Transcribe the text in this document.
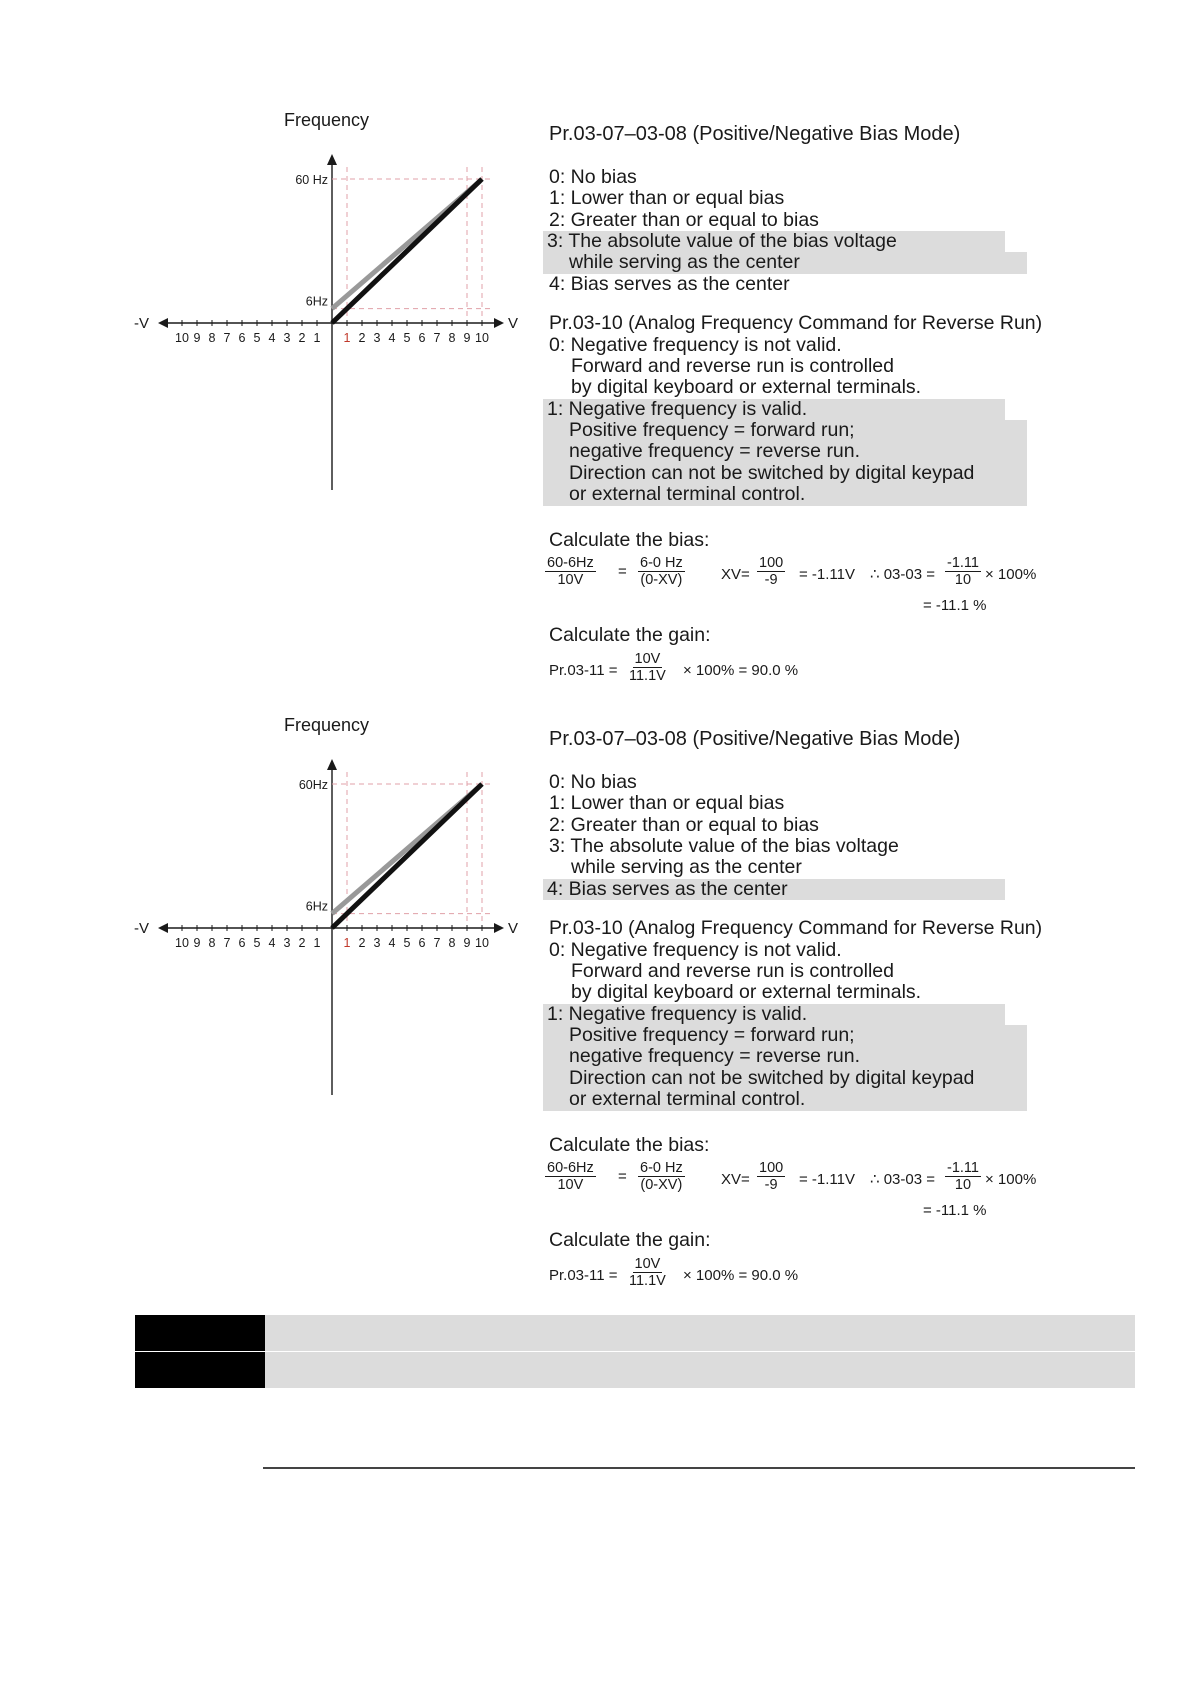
1 2 3 4 5 6 7 8 9 10
10 9 8 7 6 5 4 3 2 1
Frequency
60 Hz
6Hz
V
-V
Pr.03-07–03-08 (Positive/Negative Bias Mode)
0: No bias
1: Lower than or equal bias
2: Greater than or equal to bias
3: The absolute value of the bias voltage
while serving as the center
4: Bias serves as the center
Pr.03-10 (Analog Frequency Command for Reverse Run)
0: Negative frequency is not valid.
Forward and reverse run is controlled
by digital keyboard or external terminals.
1: Negative frequency is valid.
Positive frequency = forward run;
negative frequency = reverse run.
Direction can not be switched by digital keypad
or external terminal control.
Calculate the bias:
$\frac{60-6Hz}{10V} = \frac{6-0 Hz}{(0-XV)} XV= \frac{100}{-9} = -1.11V$ ∴ $03-03 = \frac{-1.11}{10} \times 100\%$
= -11.1 %
Calculate the gain:
$Pr.03-11 = \frac{10V}{11.1V} \times 100\% = 90.0$ %
1 2 3 4 5 6 7 8 9 10
10 9 8 7 6 5 4 3 2 1
Frequency
60Hz
6Hz
V
-V
Pr.03-07–03-08 (Positive/Negative Bias Mode)
0: No bias
1: Lower than or equal bias
2: Greater than or equal to bias
3: The absolute value of the bias voltage
while serving as the center
4: Bias serves as the center
Pr.03-10 (Analog Frequency Command for Reverse Run)
0: Negative frequency is not valid.
Forward and reverse run is controlled
by digital keyboard or external terminals.
1: Negative frequency is valid.
Positive frequency = forward run;
negative frequency = reverse run.
Direction can not be switched by digital keypad
or external terminal control.
Calculate the bias:
$\frac{60-6Hz}{10V} = \frac{6-0 Hz}{(0-XV)} XV= \frac{100}{-9} = -1.11V$ ∴ $03-03 = \frac{-1.11}{10} \times 100\%$
= -11.1 %
Calculate the gain:
$Pr.03-11 = \frac{10V}{11.1V} \times 100\% = 90.0$ %
